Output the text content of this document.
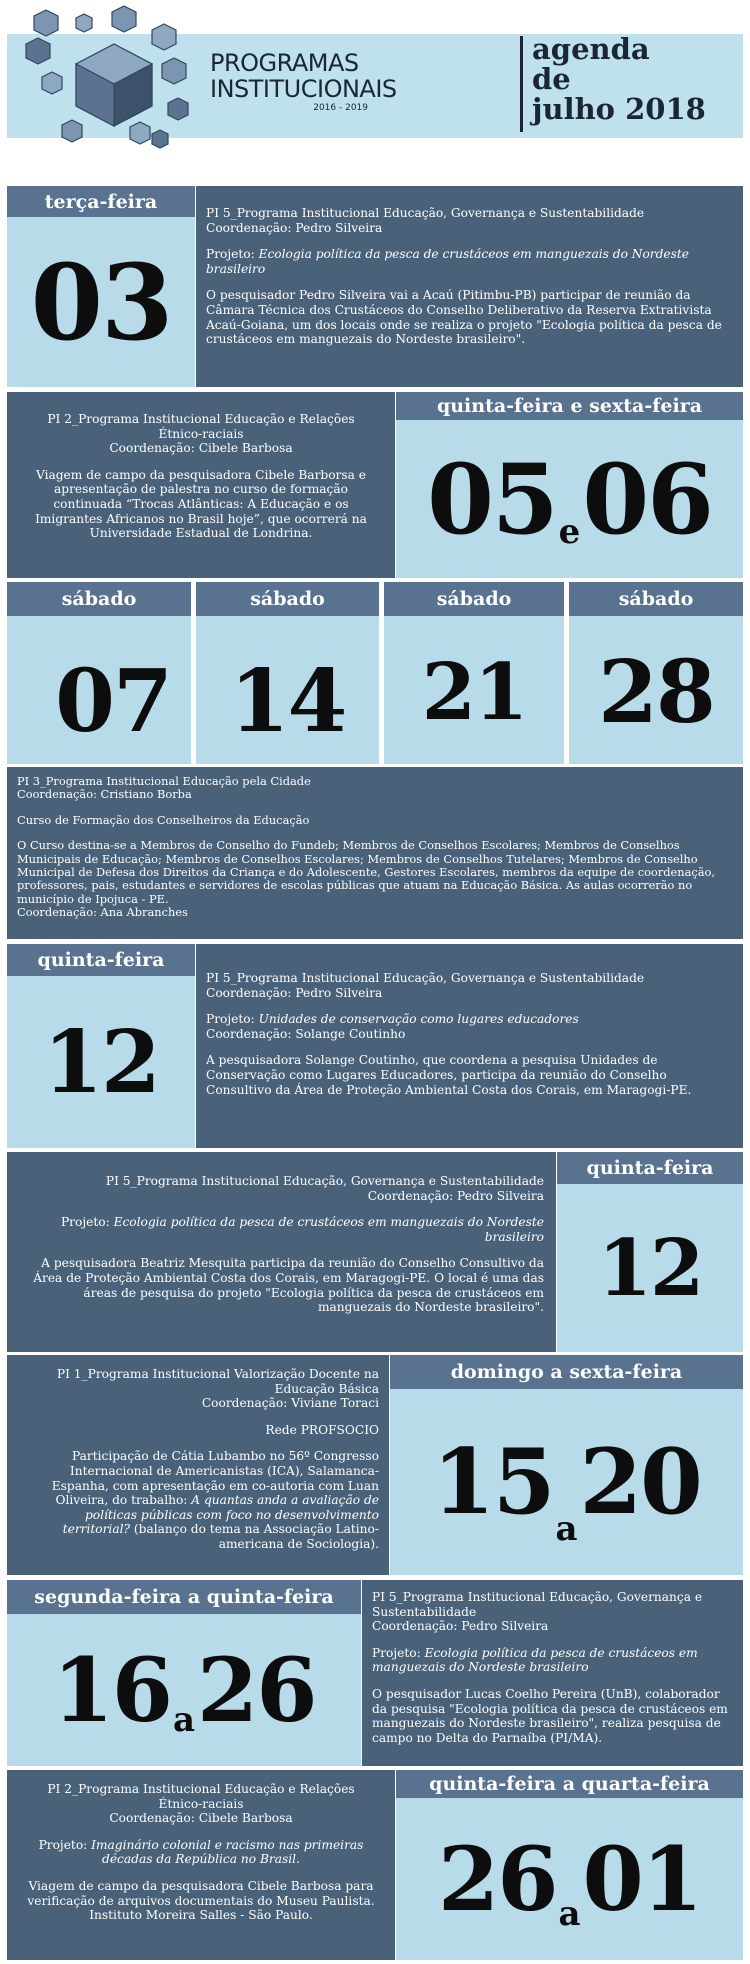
PROGRAMAS
INSTITUCIONAIS
2016 - 2019
agenda
de
julho 2018
terça-feira
03

PI 5_Programa Institucional Educação, Governança e Sustentabilidade
Coordenação: Pedro Silveira

Projeto: Ecologia política da pesca de crustáceos em manguezais do Nordeste brasileiro

O pesquisador Pedro Silveira vai a Acaú (Pitimbu-PB) participar de reunião da Câmara Técnica dos Crustáceos do Conselho Deliberativo da Reserva Extrativista Acaú-Goiana, um dos locais onde se realiza o projeto "Ecologia política da pesca de crustáceos em manguezais do Nordeste brasileiro".

PI 2_Programa Institucional Educação e Relações Étnico-raciais
Coordenação: Cibele Barbosa

Viagem de campo da pesquisadora Cibele Barborsa e apresentação de palestra no curso de formação continuada “Trocas Atlânticas: A Educação e os Imigrantes Africanos no Brasil hoje”, que ocorrerá na Universidade Estadual de Londrina.

quinta-feira e sexta-feira
05 e 06
sábado
07
sábado
14
sábado
21
sábado
28

PI 3_Programa Institucional Educação pela Cidade
Coordenação: Cristiano Borba

Curso de Formação dos Conselheiros da Educação

O Curso destina-se a Membros de Conselho do Fundeb; Membros de Conselhos Escolares; Membros de Conselhos Municipais de Educação; Membros de Conselhos Escolares; Membros de Conselhos Tutelares; Membros de Conselho Municipal de Defesa dos Direitos da Criança e do Adolescente, Gestores Escolares, membros da equipe de coordenação, professores, pais, estudantes e servidores de escolas públicas que atuam na Educação Básica. As aulas ocorrerão no município de Ipojuca - PE.
Coordenação: Ana Abranches

quinta-feira
12

PI 5_Programa Institucional Educação, Governança e Sustentabilidade
Coordenação: Pedro Silveira

Projeto: Unidades de conservação como lugares educadores
Coordenação: Solange Coutinho

A pesquisadora Solange Coutinho, que coordena a pesquisa Unidades de Conservação como Lugares Educadores, participa da reunião do Conselho Consultivo da Área de Proteção Ambiental Costa dos Corais, em Maragogi-PE.

PI 5_Programa Institucional Educação, Governança e Sustentabilidade
Coordenação: Pedro Silveira

Projeto: Ecologia política da pesca de crustáceos em manguezais do Nordeste brasileiro

A pesquisadora Beatriz Mesquita participa da reunião do Conselho Consultivo da Área de Proteção Ambiental Costa dos Corais, em Maragogi-PE. O local é uma das áreas de pesquisa do projeto "Ecologia política da pesca de crustáceos em manguezais do Nordeste brasileiro".

quinta-feira
12

PI 1_Programa Institucional Valorização Docente na Educação Básica
Coordenação: Viviane Toraci

Rede PROFSOCIO

Participação de Cátia Lubambo no 56º Congresso Internacional de Americanistas (ICA), Salamanca-Espanha, com apresentação em co-autoria com Luan Oliveira, do trabalho: A quantas anda a avaliação de políticas públicas com foco no desenvolvimento territorial? (balanço do tema na Associação Latino-americana de Sociologia).

domingo a sexta-feira
15 a 20
segunda-feira a quinta-feira
16 a 26

PI 5_Programa Institucional Educação, Governança e Sustentabilidade
Coordenação: Pedro Silveira

Projeto: Ecologia política da pesca de crustáceos em manguezais do Nordeste brasileiro

O pesquisador Lucas Coelho Pereira (UnB), colaborador da pesquisa "Ecologia política da pesca de crustáceos em manguezais do Nordeste brasileiro", realiza pesquisa de campo no Delta do Parnaíba (PI/MA).

PI 2_Programa Institucional Educação e Relações Étnico-raciais
Coordenação: Cibele Barbosa

Projeto: Imaginário colonial e racismo nas primeiras décadas da República no Brasil.

Viagem de campo da pesquisadora Cibele Barbosa para verificação de arquivos documentais do Museu Paulista. Instituto Moreira Salles - São Paulo.

quinta-feira a quarta-feira
26 a 01
